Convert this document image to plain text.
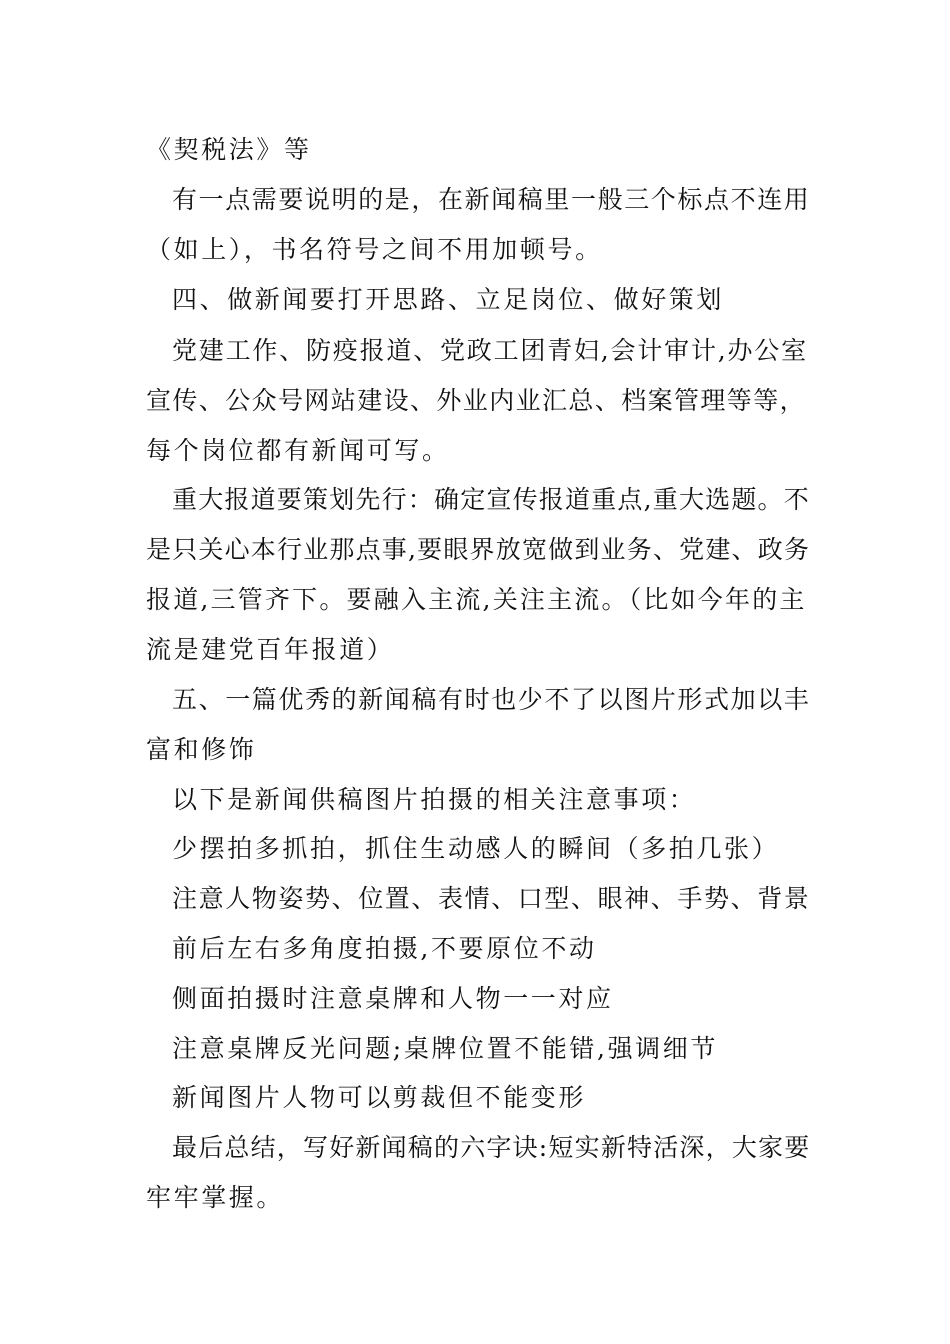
《契税法》等
有一点需要说明的是，在新闻稿里一般三个标点不连用
（如上），书名符号之间不用加顿号。
四、做新闻要打开思路、立足岗位、做好策划
党建工作、防疫报道、党政工团青妇,会计审计,办公室
宣传、公众号网站建设、外业内业汇总、档案管理等等，
每个岗位都有新闻可写。
重大报道要策划先行：确定宣传报道重点,重大选题。不
是只关心本行业那点事,要眼界放宽做到业务、党建、政务
报道,三管齐下。要融入主流,关注主流。（比如今年的主
流是建党百年报道）
五、一篇优秀的新闻稿有时也少不了以图片形式加以丰
富和修饰
以下是新闻供稿图片拍摄的相关注意事项：
少摆拍多抓拍，抓住生动感人的瞬间（多拍几张）
注意人物姿势、位置、表情、口型、眼神、手势、背景
前后左右多角度拍摄,不要原位不动
侧面拍摄时注意桌牌和人物一一对应
注意桌牌反光问题;桌牌位置不能错,强调细节
新闻图片人物可以剪裁但不能变形
最后总结，写好新闻稿的六字诀:短实新特活深，大家要
牢牢掌握。
